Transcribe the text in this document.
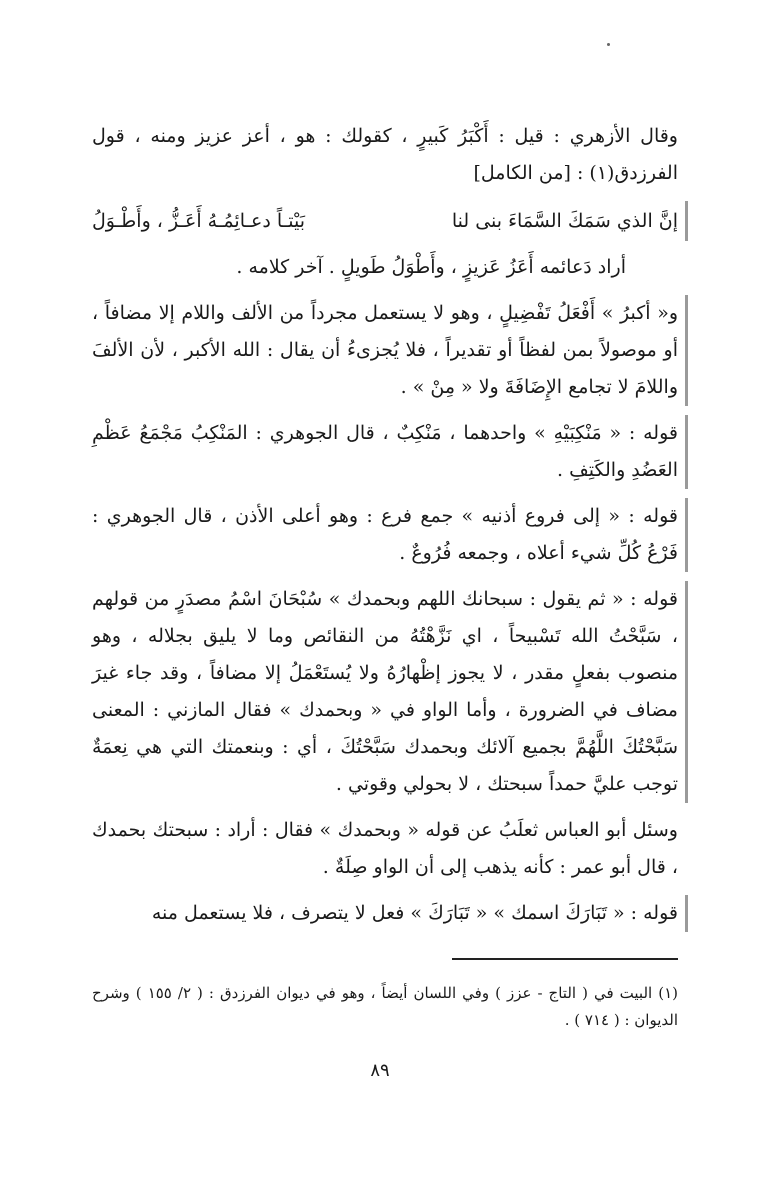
وقال الأزهري : قيل : أَكْبَرُ كَبيرٍ ، كقولك : هو ، أعز عزيز ومنه ، قول الفرزدق(١) : [من الكامل]

إنَّ الذي سَمَكَ السَّمَاءَ بنى لنا
بَيْتـاً دعـائِمُـهُ أَعَـزُّ ، وأَطْـوَلُ

أراد دَعائمه أَعَزُ عَزيزٍ ، وأَطْوَلُ طَويلٍ . آخر كلامه .

و« أكبرُ » أَفْعَلُ تَفْضِيلٍ ، وهو لا يستعمل مجرداً من الألف واللام إلا مضافاً ، أو موصولاً بمن لفظاً أو تقديراً ، فلا يُجزىءُ أن يقال : الله الأكبر ، لأن الألفَ واللامَ لا تجامع الإِضَافَةَ ولا « مِنْ » .

قوله : « مَنْكِبَيْهِ » واحدهما ، مَنْكِبٌ ، قال الجوهري : المَنْكِبُ مَجْمَعُ عَظْمِ العَضُدِ والكَتِفِ .

قوله : « إلى فروع أذنيه » جمع فرع : وهو أعلى الأذن ، قال الجوهري : فَرْعُ كُلِّ شيء أعلاه ، وجمعه فُرُوعٌ .

قوله : « ثم يقول : سبحانك اللهم وبحمدك » سُبْحَانَ اسْمُ مصدَرٍ من قولهم ، سَبَّحْتُ الله تَسْبيحاً ، اي نَزَّهْتُهُ من النقائص وما لا يليق بجلاله ، وهو منصوب بفعلٍ مقدر ، لا يجوز إظْهارُهُ ولا يُستَعْمَلُ إلا مضافاً ، وقد جاء غيرَ مضاف في الضرورة ، وأما الواو في « وبحمدك » فقال المازني : المعنى سَبَّحْتُكَ اللَّهُمَّ بجميع آلائك وبحمدك سَبَّحْتُكَ ، أي : وبنعمتك التي هي نِعمَةٌ توجب عليَّ حمداً سبحتك ، لا بحولي وقوتي .

وسئل أبو العباس ثعلَبُ عن قوله « وبحمدك » فقال : أراد : سبحتك بحمدك ، قال أبو عمر : كأنه يذهب إلى أن الواو صِلَةٌ .

قوله : « تَبَارَكَ اسمك » « تَبَارَكَ » فعل لا يتصرف ، فلا يستعمل منه

(١) البيت في ( التاج - عزز ) وفي اللسان أيضاً ، وهو في ديوان الفرزدق : ( ٢/ ١٥٥ ) وشرح الديوان : ( ٧١٤ ) .

٨٩
